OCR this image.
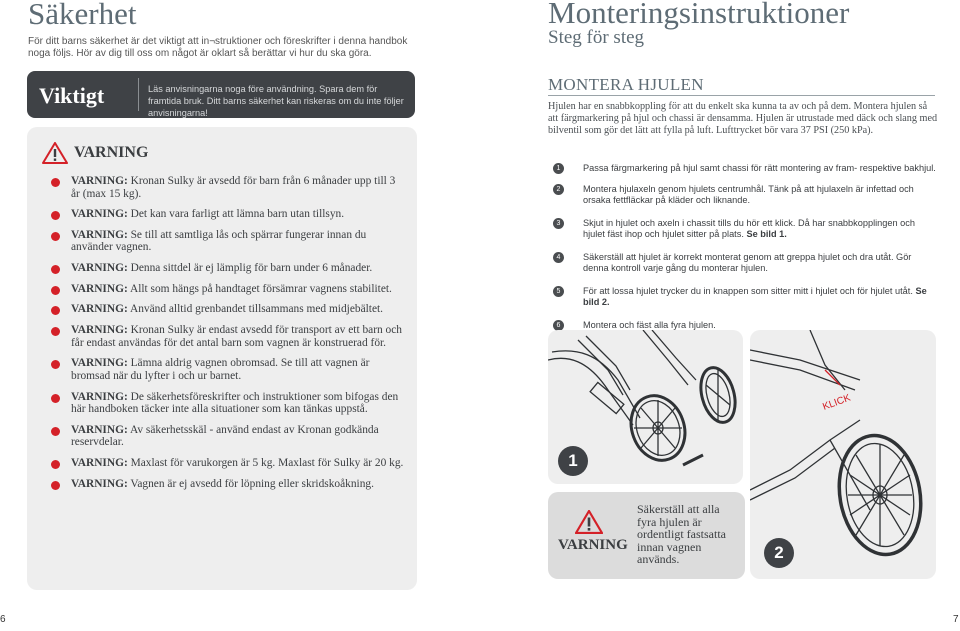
Säkerhet
För ditt barns säkerhet är det viktigt att in¬struktioner och föreskrifter i denna handbok noga följs. Hör av dig till oss om något är oklart så berättar vi hur du ska göra.
Viktigt	Läs anvisningarna noga före användning. Spara dem för framtida bruk. Ditt barns säkerhet kan riskeras om du inte följer anvisningarna!
VARNING
VARNING: Kronan Sulky är avsedd för barn från 6 månader upp till 3 år (max 15 kg).
VARNING: Det kan vara farligt att lämna barn utan tillsyn.
VARNING: Se till att samtliga lås och spärrar fungerar innan du använder vagnen.
VARNING: Denna sittdel är ej lämplig för barn under 6 månader.
VARNING: Allt som hängs på handtaget försämrar vagnens stabilitet.
VARNING: Använd alltid grenbandet tillsammans med midjebältet.
VARNING: Kronan Sulky är endast avsedd för transport av ett barn och får endast användas för det antal barn som vagnen är konstruerad för.
VARNING: Lämna aldrig vagnen obromsad. Se till att vagnen är bromsad när du lyfter i och ur barnet.
VARNING: De säkerhetsföreskrifter och instruktioner som bifogas den här handboken täcker inte alla situationer som kan tänkas uppstå.
VARNING: Av säkerhetsskäl - använd endast av Kronan godkända reservdelar.
VARNING: Maxlast för varukorgen är 5 kg. Maxlast för Sulky är 20 kg.
VARNING: Vagnen är ej avsedd för löpning eller skridskoåkning.
6
Monteringsinstruktioner
Steg för steg
MONTERA HJULEN
Hjulen har en snabbkoppling för att du enkelt ska kunna ta av och på dem. Montera hjulen så att färgmarkering på hjul och chassi är densamma. Hjulen är utrustade med däck och slang med bilventil som gör det lätt att fylla på luft. Lufttrycket bör vara 37 PSI (250 kPa).
1	Passa färgmarkering på hjul samt chassi för rätt montering av fram- respektive bakhjul.
2	Montera hjulaxeln genom hjulets centrumhål. Tänk på att hjulaxeln är infettad och orsaka fettfläckar på kläder och liknande.
3	Skjut in hjulet och axeln i chassit tills du hör ett klick. Då har snabbkopplingen och hjulet fäst ihop och hjulet sitter på plats. Se bild 1.
4	Säkerställ att hjulet är korrekt monterat genom att greppa hjulet och dra utåt. Gör denna kontroll varje gång du monterar hjulen.
5	För att lossa hjulet trycker du in knappen som sitter mitt i hjulet och för hjulet utåt. Se bild 2.
6	Montera och fäst alla fyra hjulen.
1
KLICK
2
VARNING
Säkerställ att alla fyra hjulen är ordentligt fastsatta innan vagnen används.
7
